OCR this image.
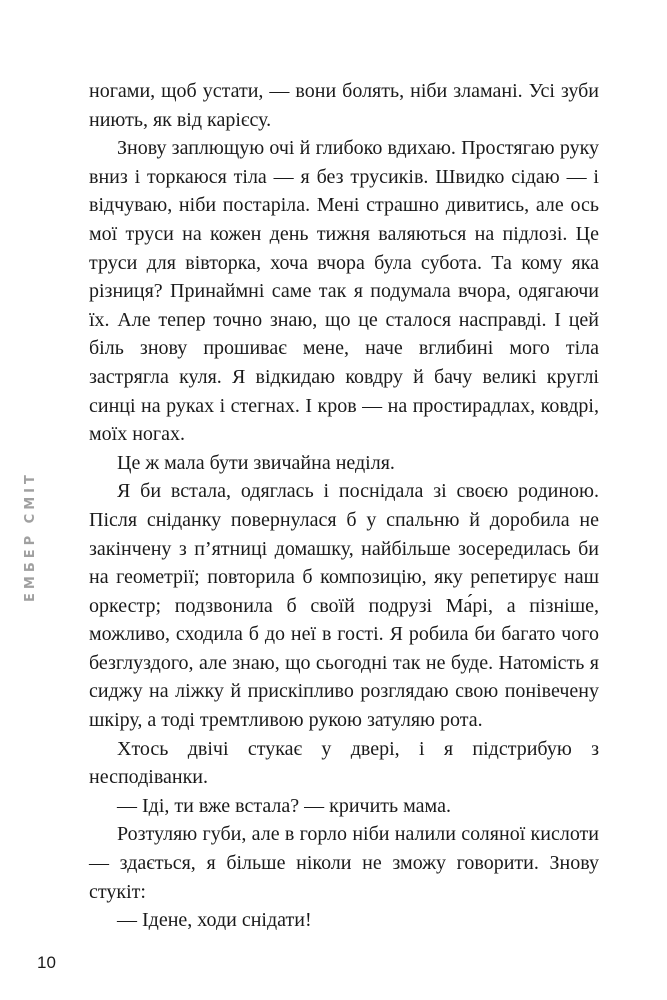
ногами, щоб устати, — вони болять, ніби зламані. Усі зуби ниють, як від карієсу.

Знову заплющую очі й глибоко вдихаю. Простягаю руку вниз і торкаюся тіла — я без трусиків. Швидко сідаю — і відчуваю, ніби постаріла. Мені страшно дивитись, але ось мої труси на кожен день тижня валяються на підлозі. Це труси для вівторка, хоча вчора була субота. Та кому яка різниця? Принаймні саме так я подумала вчора, одягаючи їх. Але тепер точно знаю, що це сталося насправді. І цей біль знову прошиває мене, наче вглибині мого тіла застрягла куля. Я відкидаю ковдру й бачу великі круглі синці на руках і стегнах. І кров — на простирадлах, ковдрі, моїх ногах.

Це ж мала бути звичайна неділя.

Я би встала, одяглась і поснідала зі своєю родиною. Після сніданку повернулася б у спальню й доробила не закінчену з п’ятниці домашку, найбільше зосередилась би на геометрії; повторила б композицію, яку репетирує наш оркестр; подзвонила б своїй подрузі Ма́рі, а пізніше, можливо, сходила б до неї в гості. Я робила би багато чого безглуздого, але знаю, що сьогодні так не буде. Натомість я сиджу на ліжку й прискіпливо розглядаю свою понівечену шкіру, а тоді тремтливою рукою затуляю рота.

Хтось двічі стукає у двері, і я підстрибую з несподіванки.

— Іді, ти вже встала? — кричить мама.

Розтуляю губи, але в горло ніби налили соляної кислоти — здається, я більше ніколи не зможу говорити. Знову стукіт:

— Ідене, ходи снідати!

ЕМБЕР СМІТ
10
